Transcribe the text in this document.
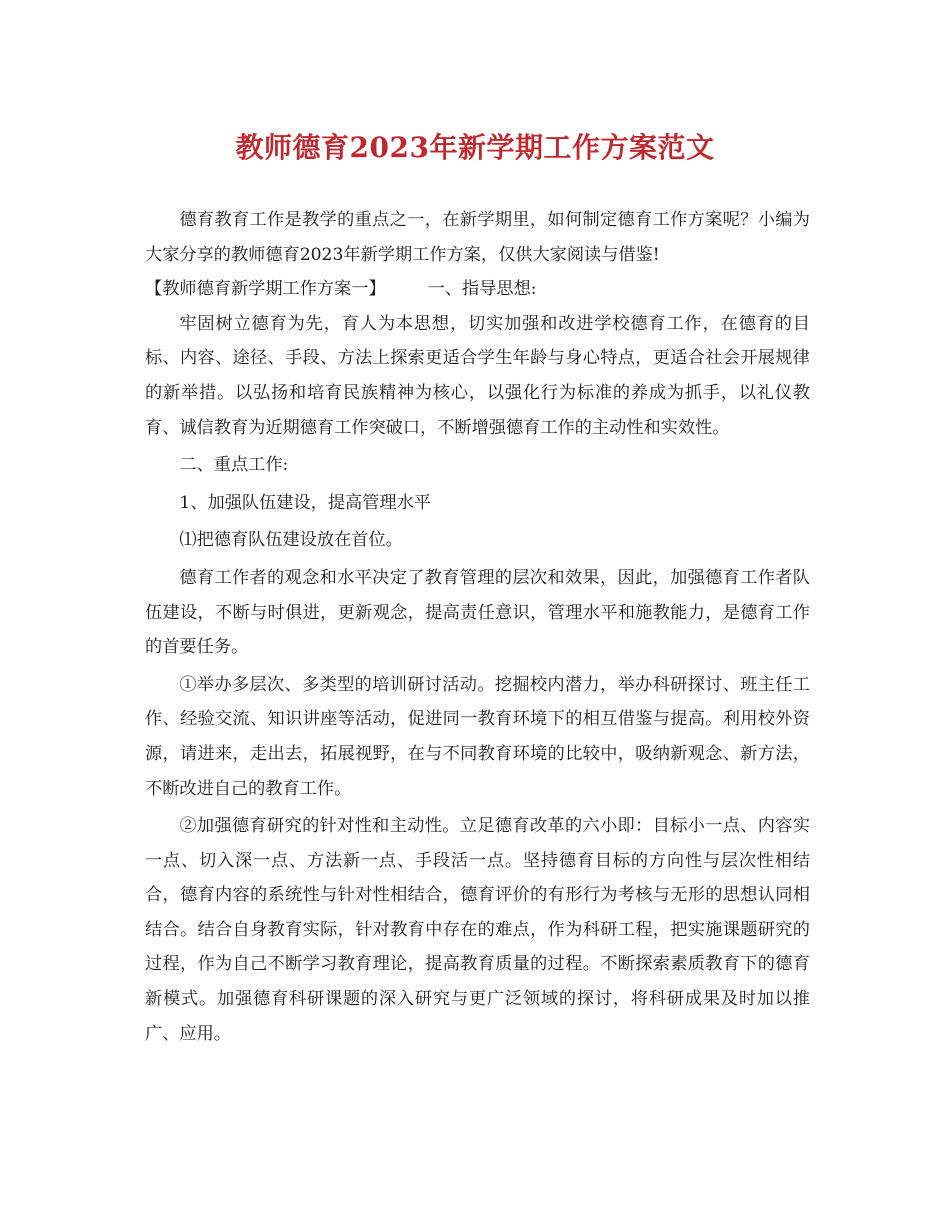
教师德育2023年新学期工作方案范文

德育教育工作是教学的重点之一，在新学期里，如何制定德育工作方案呢？小编为大家分享的教师德育2023年新学期工作方案，仅供大家阅读与借鉴!

【教师德育新学期工作方案一】 一、指导思想:

牢固树立德育为先，育人为本思想，切实加强和改进学校德育工作，在德育的目标、内容、途径、手段、方法上探索更适合学生年龄与身心特点，更适合社会开展规律的新举措。以弘扬和培育民族精神为核心，以强化行为标准的养成为抓手，以礼仪教育、诚信教育为近期德育工作突破口，不断增强德育工作的主动性和实效性。

二、重点工作:

1、加强队伍建设，提高管理水平

⑴把德育队伍建设放在首位。

德育工作者的观念和水平决定了教育管理的层次和效果，因此，加强德育工作者队伍建设，不断与时俱进，更新观念，提高责任意识，管理水平和施教能力，是德育工作的首要任务。

①举办多层次、多类型的培训研讨活动。挖掘校内潜力，举办科研探讨、班主任工作、经验交流、知识讲座等活动，促进同一教育环境下的相互借鉴与提高。利用校外资源，请进来，走出去，拓展视野，在与不同教育环境的比较中，吸纳新观念、新方法，不断改进自己的教育工作。

②加强德育研究的针对性和主动性。立足德育改革的六小即：目标小一点、内容实一点、切入深一点、方法新一点、手段活一点。坚持德育目标的方向性与层次性相结合，德育内容的系统性与针对性相结合，德育评价的有形行为考核与无形的思想认同相结合。结合自身教育实际，针对教育中存在的难点，作为科研工程，把实施课题研究的过程，作为自己不断学习教育理论，提高教育质量的过程。不断探索素质教育下的德育新模式。加强德育科研课题的深入研究与更广泛领域的探讨，将科研成果及时加以推广、应用。
